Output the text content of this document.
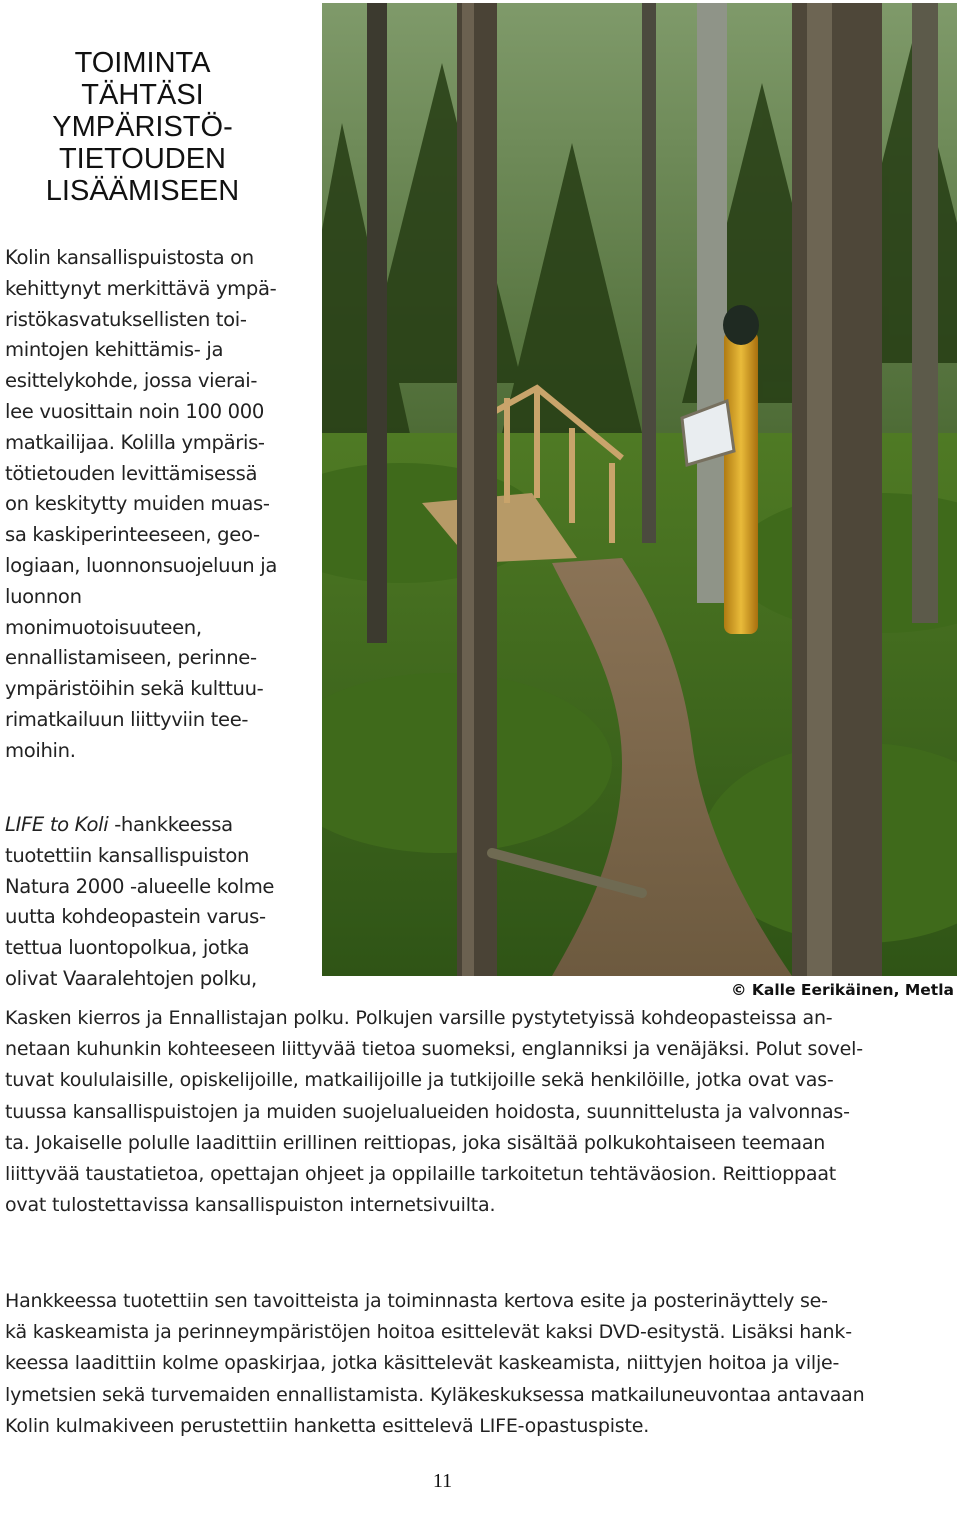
TOIMINTA
TÄHTÄSI
YMPÄRISTÖ-
TIETOUDEN
LISÄÄMISEEN

Kolin kansallispuistosta on
kehittynyt merkittävä ympä-
ristökasvatuksellisten toi-
mintojen kehittämis- ja
esittelykohde, jossa vierai-
lee vuosittain noin 100 000
matkailijaa. Kolilla ympäris-
tötietouden levittämisessä
on keskitytty muiden muas-
sa kaskiperinteeseen, geo-
logiaan, luonnonsuojeluun ja
luonnon monimuotoisuuteen,
ennallistamiseen, perinne-
ympäristöihin sekä kulttuu-
rimatkailuun liittyviin tee-
moihin.

LIFE to Koli -hankkeessa
tuotettiin kansallispuiston
Natura 2000 -alueelle kolme
uutta kohdeopastein varus-
tettua luontopolkua, jotka
olivat Vaaralehtojen polku,

© Kalle Eerikäinen, Metla

Kasken kierros ja Ennallistajan polku. Polkujen varsille pystytetyissä kohdeopasteissa an-
netaan kuhunkin kohteeseen liittyvää tietoa suomeksi, englanniksi ja venäjäksi. Polut sovel-
tuvat koululaisille, opiskelijoille, matkailijoille ja tutkijoille sekä henkilöille, jotka ovat vas-
tuussa kansallispuistojen ja muiden suojelualueiden hoidosta, suunnittelusta ja valvonnas-
ta. Jokaiselle polulle laadittiin erillinen reittiopas, joka sisältää polkukohtaiseen teemaan
liittyvää taustatietoa, opettajan ohjeet ja oppilaille tarkoitetun tehtäväosion. Reittioppaat
ovat tulostettavissa kansallispuiston internetsivuilta.

Hankkeessa tuotettiin sen tavoitteista ja toiminnasta kertova esite ja posterinäyttely se-
kä kaskeamista ja perinneympäristöjen hoitoa esittelevät kaksi DVD-esitystä. Lisäksi hank-
keessa laadittiin kolme opaskirjaa, jotka käsittelevät kaskeamista, niittyjen hoitoa ja vilje-
lymetsien sekä turvemaiden ennallistamista. Kyläkeskuksessa matkailuneuvontaa antavaan
Kolin kulmakiveen perustettiin hanketta esittelevä LIFE-opastuspiste.

11
